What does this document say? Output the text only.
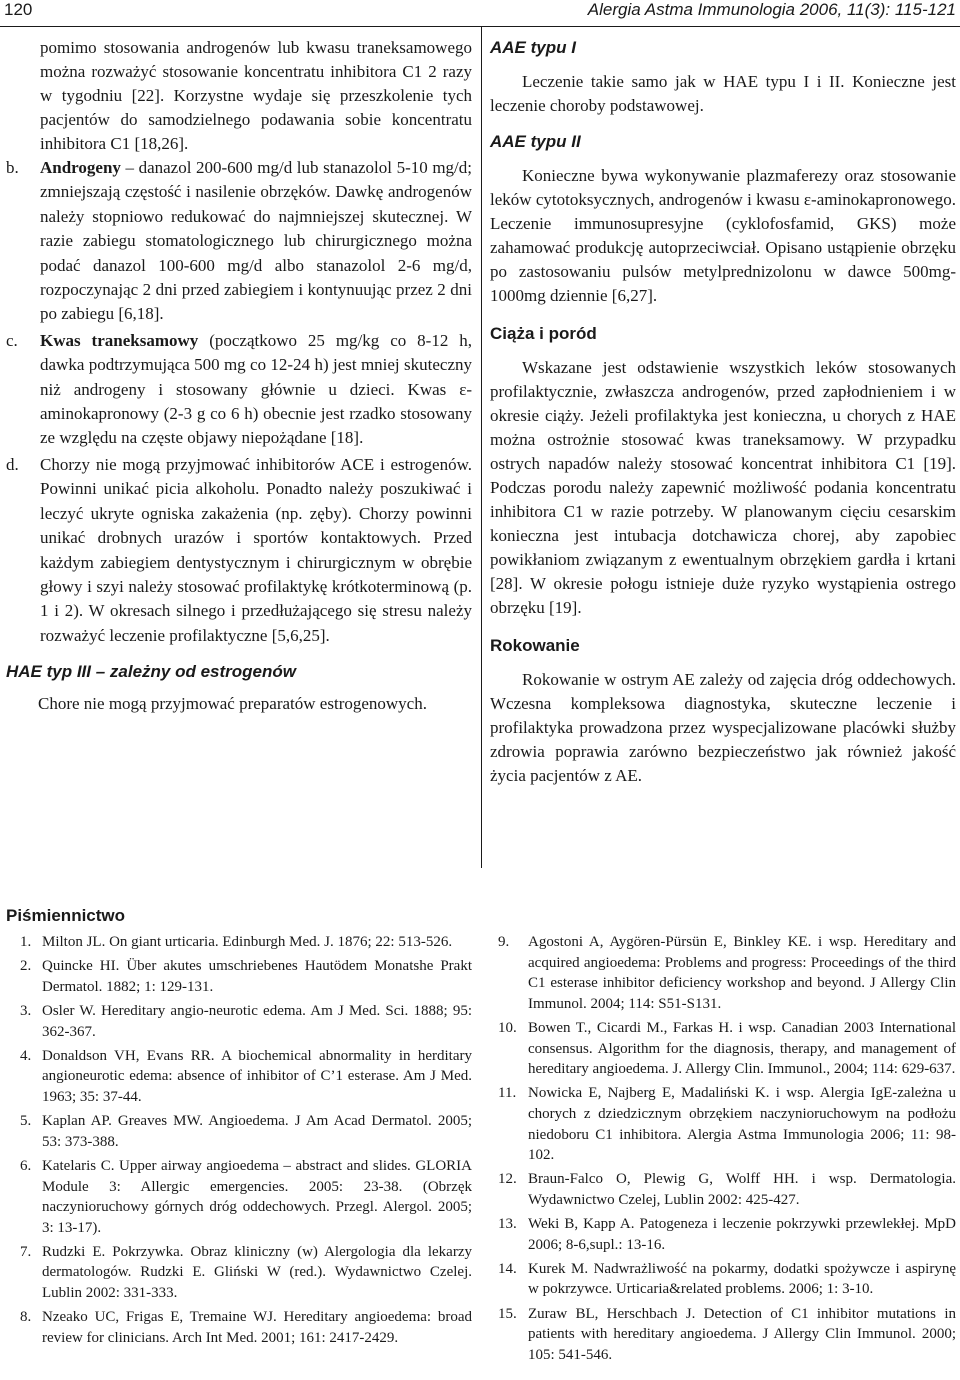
120	Alergia Astma Immunologia 2006, 11(3): 115-121

pomimo stosowania androgenów lub kwasu traneksamowego można rozważyć stosowanie koncentratu inhibitora C1 2 razy w tygodniu [22]. Korzystne wydaje się przeszkolenie tych pacjentów do samodzielnego podawania sobie koncentratu inhibitora C1 [18,26].

b. Androgeny – danazol 200-600 mg/d lub stanazolol 5-10 mg/d; zmniejszają częstość i nasilenie obrzęków. Dawkę androgenów należy stopniowo redukować do najmniejszej skutecznej. W razie zabiegu stomatologicznego lub chirurgicznego można podać danazol 100-600 mg/d albo stanazolol 2-6 mg/d, rozpoczynając 2 dni przed zabiegiem i kontynuując przez 2 dni po zabiegu [6,18].
c. Kwas traneksamowy (początkowo 25 mg/kg co 8-12 h, dawka podtrzymująca 500 mg co 12-24 h) jest mniej skuteczny niż androgeny i stosowany głównie u dzieci. Kwas ε-aminokapronowy (2-3 g co 6 h) obecnie jest rzadko stosowany ze względu na częste objawy niepożądane [18].
d. Chorzy nie mogą przyjmować inhibitorów ACE i estrogenów. Powinni unikać picia alkoholu. Ponadto należy poszukiwać i leczyć ukryte ogniska zakażenia (np. zęby). Chorzy powinni unikać drobnych urazów i sportów kontaktowych. Przed każdym zabiegiem dentystycznym i chirurgicznym w obrębie głowy i szyi należy stosować profilaktykę krótkoterminową (p. 1 i 2). W okresach silnego i przedłużającego się stresu należy rozważyć leczenie profilaktyczne [5,6,25].
HAE typ III – zależny od estrogenów

Chore nie mogą przyjmować preparatów estrogenowych.

AAE typu I

Leczenie takie samo jak w HAE typu I i II. Konieczne jest leczenie choroby podstawowej.

AAE typu II

Konieczne bywa wykonywanie plazmaferezy oraz stosowanie leków cytotoksycznych, androgenów i kwasu ε-aminokapronowego. Leczenie immunosupresyjne (cyklofosfamid, GKS) może zahamować produkcję autoprzeciwciał. Opisano ustąpienie obrzęku po zastosowaniu pulsów metylprednizolonu w dawce 500mg-1000mg dziennie [6,27].

Ciąża i poród

Wskazane jest odstawienie wszystkich leków stosowanych profilaktycznie, zwłaszcza androgenów, przed zapłodnieniem i w okresie ciąży. Jeżeli profilaktyka jest konieczna, u chorych z HAE można ostrożnie stosować kwas traneksamowy. W przypadku ostrych napadów należy stosować koncentrat inhibitora C1 [19]. Podczas porodu należy zapewnić możliwość podania koncentratu inhibitora C1 w razie potrzeby. W planowanym cięciu cesarskim konieczna jest intubacja dotchawicza chorej, aby zapobiec powikłaniom związanym z ewentualnym obrzękiem gardła i krtani [28]. W okresie połogu istnieje duże ryzyko wystąpienia ostrego obrzęku [19].

Rokowanie

Rokowanie w ostrym AE zależy od zajęcia dróg oddechowych. Wczesna kompleksowa diagnostyka, skuteczne leczenie i profilaktyka prowadzona przez wyspecjalizowane placówki służby zdrowia poprawia zarówno bezpieczeństwo jak również jakość życia pacjentów z AE.

Piśmiennictwo
1. Milton JL. On giant urticaria. Edinburgh Med. J. 1876; 22: 513-526.
2. Quincke HI. Über akutes umschriebenes Hautödem Monatshe Prakt Dermatol. 1882; 1: 129-131.
3. Osler W. Hereditary angio-neurotic edema. Am J Med. Sci. 1888; 95: 362-367.
4. Donaldson VH, Evans RR. A biochemical abnormality in herditary angioneurotic edema: absence of inhibitor of C’1 esterase. Am J Med. 1963; 35: 37-44.
5. Kaplan AP. Greaves MW. Angioedema. J Am Acad Dermatol. 2005; 53: 373-388.
6. Katelaris C. Upper airway angioedema – abstract and slides. GLORIA Module 3: Allergic emergencies. 2005: 23-38. (Obrzęk naczynioruchowy górnych dróg oddechowych. Przegl. Alergol. 2005; 3: 13-17).
7. Rudzki E. Pokrzywka. Obraz kliniczny (w) Alergologia dla lekarzy dermatologów. Rudzki E. Gliński W (red.). Wydawnictwo Czelej. Lublin 2002: 331-333.
8. Nzeako UC, Frigas E, Tremaine WJ. Hereditary angioedema: broad review for clinicians. Arch Int Med. 2001; 161: 2417-2429.
9. Agostoni A, Aygören-Pürsün E, Binkley KE. i wsp. Hereditary and acquired angioedema: Problems and progress: Proceedings of the third C1 esterase inhibitor deficiency workshop and beyond. J Allergy Clin Immunol. 2004; 114: S51-S131.
10. Bowen T., Cicardi M., Farkas H. i wsp. Canadian 2003 International consensus. Algorithm for the diagnosis, therapy, and management of hereditary angioedema. J. Allergy Clin. Immunol., 2004; 114: 629-637.
11. Nowicka E, Najberg E, Madaliński K. i wsp. Alergia IgE-zależna u chorych z dziedzicznym obrzękiem naczynioruchowym na podłożu niedoboru C1 inhibitora. Alergia Astma Immunologia 2006; 11: 98-102.
12. Braun-Falco O, Plewig G, Wolff HH. i wsp. Dermatologia. Wydawnictwo Czelej, Lublin 2002: 425-427.
13. Weki B, Kapp A. Patogeneza i leczenie pokrzywki przewlekłej. MpD 2006; 8-6,supl.: 13-16.
14. Kurek M. Nadwrażliwość na pokarmy, dodatki spożywcze i aspirynę w pokrzywce. Urticaria&related problems. 2006; 1: 3-10.
15. Zuraw BL, Herschbach J. Detection of C1 inhibitor mutations in patients with hereditary angioedema. J Allergy Clin Immunol. 2000; 105: 541-546.
